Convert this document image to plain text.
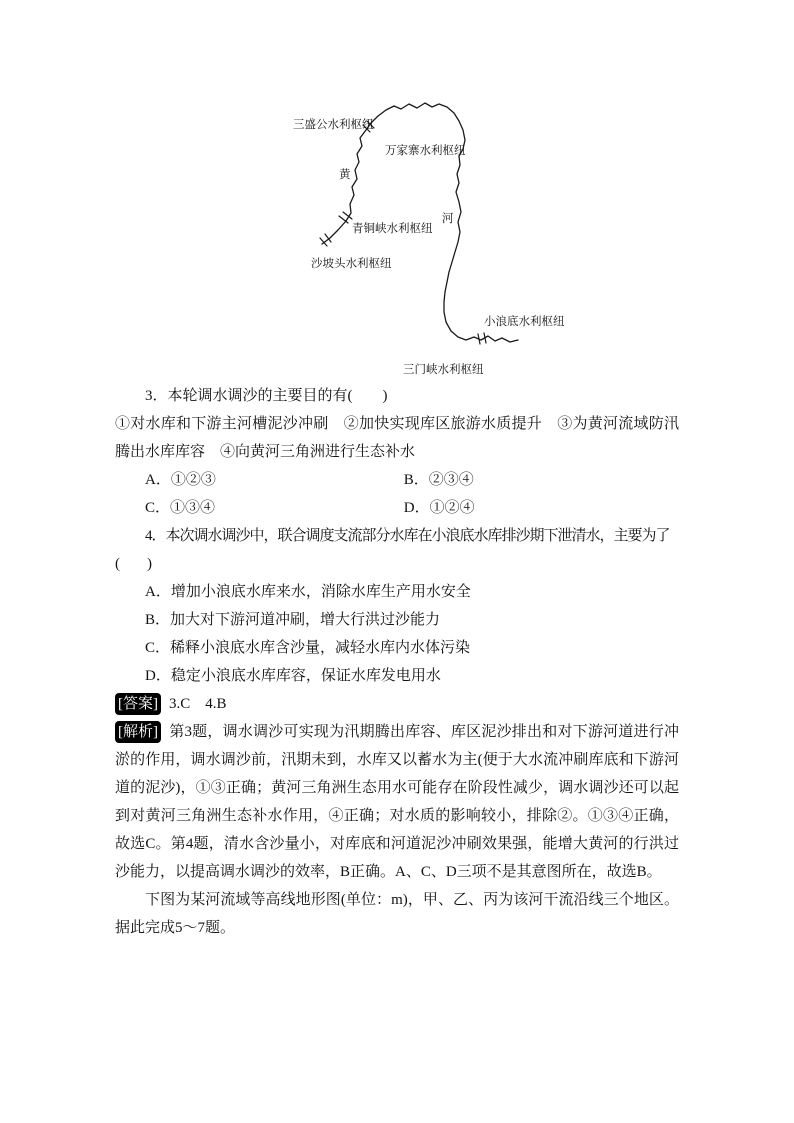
三盛公水利枢纽
万家寨水利枢纽
黄
青铜峡水利枢纽
河
沙坡头水利枢纽
小浪底水利枢纽
三门峡水利枢纽

3．本轮调水调沙的主要目的有(　　)

①对水库和下游主河槽泥沙冲刷　②加快实现库区旅游水质提升　③为黄河流域防汛腾出水库库容　④向黄河三角洲进行生态补水

A．①②③	B．②③④
C．①③④	D．①②④

4．本次调水调沙中，联合调度支流部分水库在小浪底水库排沙期下泄清水，主要为了
(　　)

A．增加小浪底水库来水，消除水库生产用水安全

B．加大对下游河道冲刷，增大行洪过沙能力

C．稀释小浪底水库含沙量，减轻水库内水体污染

D．稳定小浪底水库库容，保证水库发电用水

[答案] 3.C　4.B

[解析] 第3题，调水调沙可实现为汛期腾出库容、库区泥沙排出和对下游河道进行冲淤的作用，调水调沙前，汛期未到，水库又以蓄水为主(便于大水流冲刷库底和下游河道的泥沙)，①③正确；黄河三角洲生态用水可能存在阶段性减少，调水调沙还可以起到对黄河三角洲生态补水作用，④正确；对水质的影响较小，排除②。①③④正确，故选C。第4题，清水含沙量小，对库底和河道泥沙冲刷效果强，能增大黄河的行洪过沙能力，以提高调水调沙的效率，B正确。A、C、D三项不是其意图所在，故选B。

下图为某河流域等高线地形图(单位：m)，甲、乙、丙为该河干流沿线三个地区。据此完成5～7题。
